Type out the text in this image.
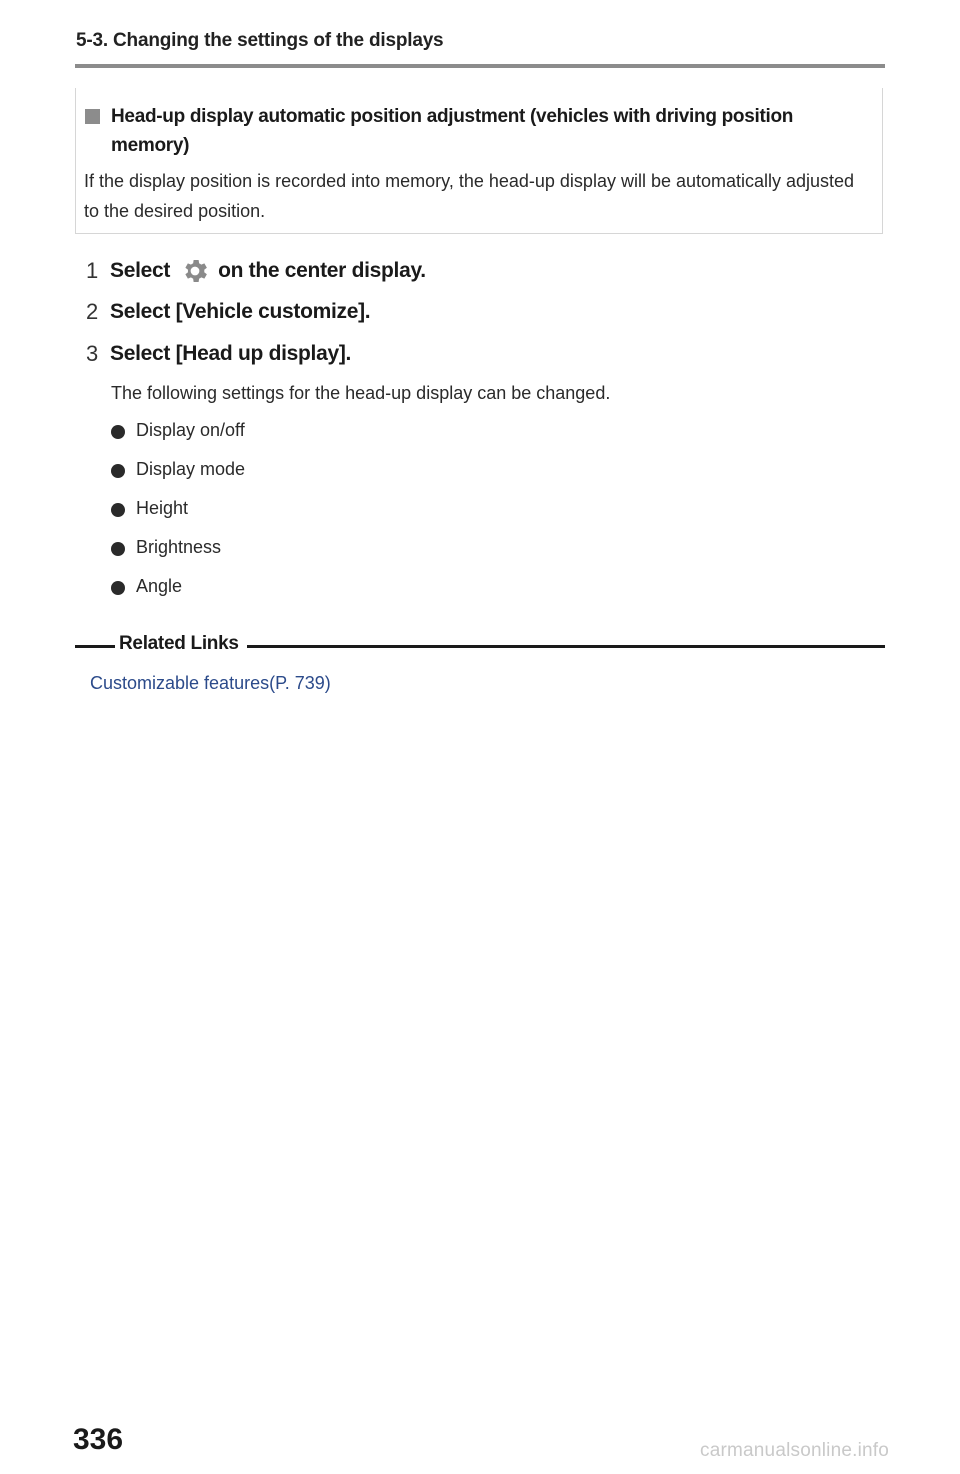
5-3. Changing the settings of the displays
Head-up display automatic position adjustment (vehicles with driving position memory)
If the display position is recorded into memory, the head-up display will be automatically adjusted to the desired position.
1 Select on the center display.
2 Select [Vehicle customize].
3 Select [Head up display].
The following settings for the head-up display can be changed.
Display on/off
Display mode
Height
Brightness
Angle
Related Links
Customizable features(P. 739)
336	carmanualsonline.info
